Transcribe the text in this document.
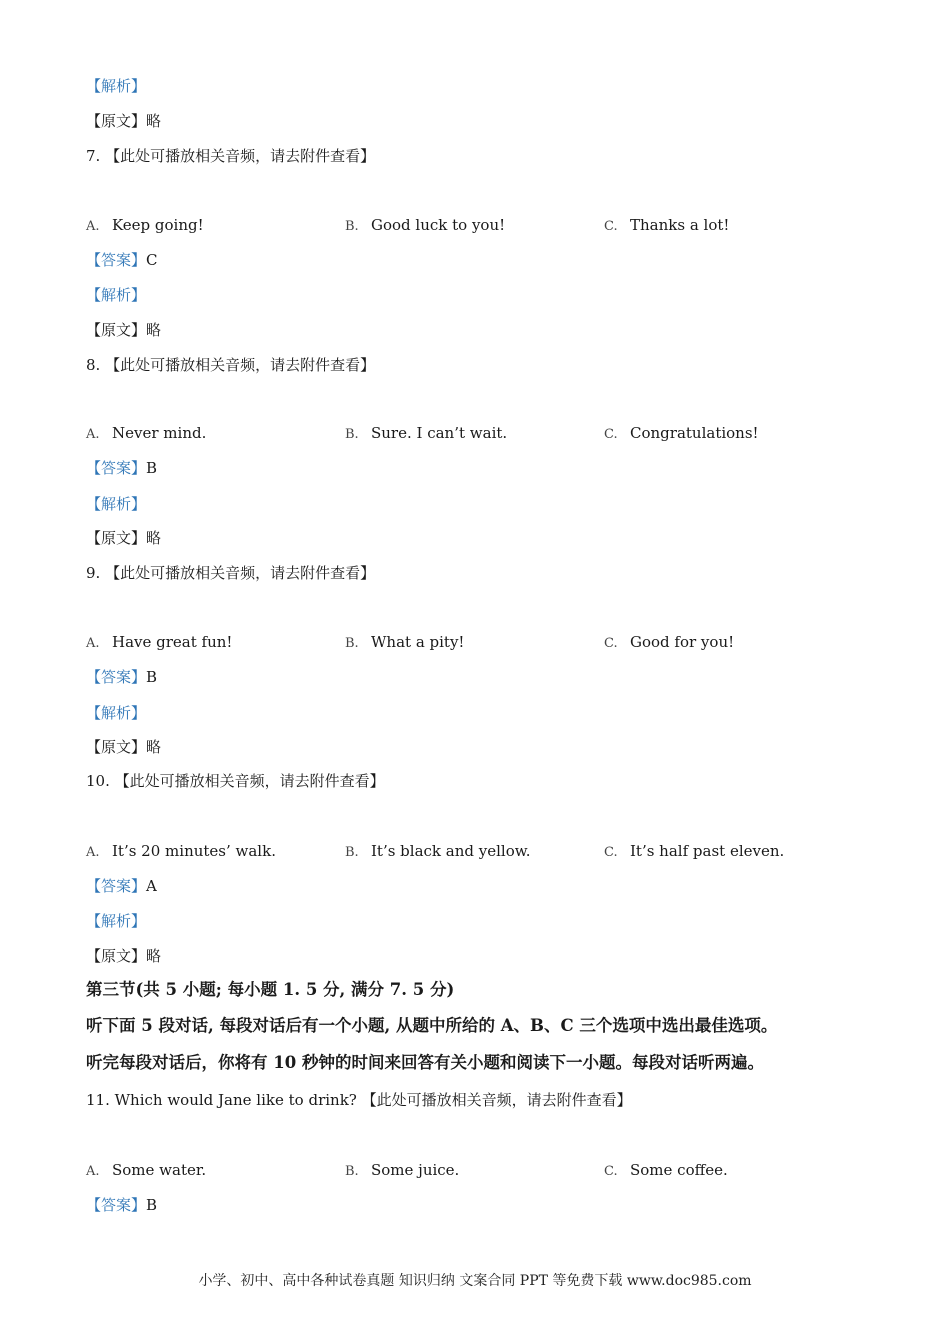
【解析】
【原文】略
7. 【此处可播放相关音频，请去附件查看】
A. Keep going!	B. Good luck to you!	C. Thanks a lot!
【答案】C
【解析】
【原文】略
8. 【此处可播放相关音频，请去附件查看】
A. Never mind.	B. Sure. I can’t wait.	C. Congratulations!
【答案】B
【解析】
【原文】略
9. 【此处可播放相关音频，请去附件查看】
A. Have great fun!	B. What a pity!	C. Good for you!
【答案】B
【解析】
【原文】略
10. 【此处可播放相关音频，请去附件查看】
A. It’s 20 minutes’ walk.	B. It’s black and yellow.	C. It’s half past eleven.
【答案】A
【解析】
【原文】略
第三节(共 5 小题; 每小题 1. 5 分, 满分 7. 5 分)
听下面 5 段对话, 每段对话后有一个小题, 从题中所给的 A、B、C 三个选项中选出最佳选项。
听完每段对话后，你将有 10 秒钟的时间来回答有关小题和阅读下一小题。每段对话听两遍。
11. Which would Jane like to drink? 【此处可播放相关音频，请去附件查看】
A. Some water.	B. Some juice.	C. Some coffee.
【答案】B
小学、初中、高中各种试卷真题 知识归纳 文案合同 PPT 等免费下载 www.doc985.com
